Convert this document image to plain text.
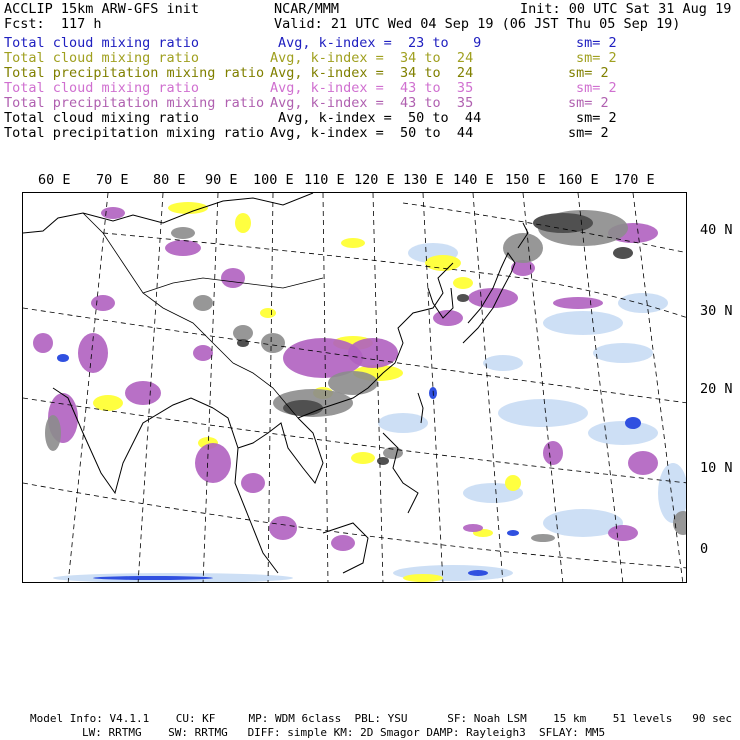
ACCLIP 15km ARW-GFS init	NCAR/MMM	Init: 00 UTC Sat 31 Aug 19
Fcst:  117 h	Valid: 21 UTC Wed 04 Sep 19 (06 JST Thu 05 Sep 19)
Total cloud mixing ratio	Avg, k-index =  23 to   9	sm= 2
Total cloud mixing ratio	Avg, k-index =  34 to  24	sm= 2
Total precipitation mixing ratio Avg, k-index =  34 to  24	sm= 2
Total cloud mixing ratio	Avg, k-index =  43 to  35	sm= 2
Total precipitation mixing ratio Avg, k-index =  43 to  35	sm= 2
Total cloud mixing ratio	Avg, k-index =  50 to  44	sm= 2
Total precipitation mixing ratio Avg, k-index =  50 to  44	sm= 2
60 E 70 E 80 E 90 E 100 E 110 E 120 E 130 E 140 E 150 E 160 E 170 E
40 N
30 N
20 N
10 N
0
Model Info: V4.1.1    CU: KF     MP: WDM 6class  PBL: YSU      SF: Noah LSM    15 km    51 levels   90 sec
LW: RRTMG    SW: RRTMG   DIFF: simple KM: 2D Smagor DAMP: Rayleigh3  SFLAY: MM5
